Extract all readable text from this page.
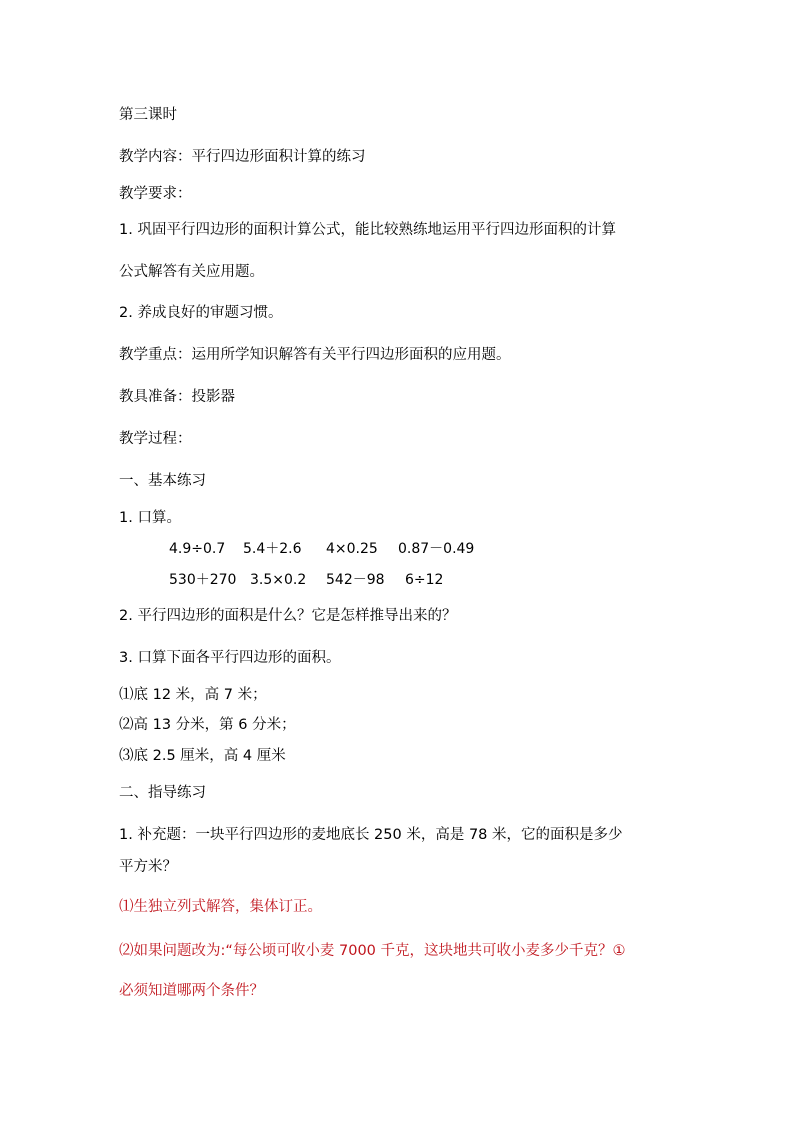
第三课时
教学内容：平行四边形面积计算的练习
教学要求：
1. 巩固平行四边形的面积计算公式，能比较熟练地运用平行四边形面积的计算
公式解答有关应用题。
2. 养成良好的审题习惯。
教学重点：运用所学知识解答有关平行四边形面积的应用题。
教具准备：投影器
教学过程：
一、基本练习
1. 口算。
4.9÷0.7 5.4＋2.6 4×0.25 0.87－0.49
530＋270 3.5×0.2 542－98 6÷12
2. 平行四边形的面积是什么？它是怎样推导出来的？
3. 口算下面各平行四边形的面积。
⑴底 12 米，高 7 米；
⑵高 13 分米，第 6 分米；
⑶底 2.5 厘米，高 4 厘米
二、指导练习
1. 补充题：一块平行四边形的麦地底长 250 米，高是 78 米，它的面积是多少
平方米？
⑴生独立列式解答，集体订正。
⑵如果问题改为:“每公顷可收小麦 7000 千克，这块地共可收小麦多少千克？①
必须知道哪两个条件？
